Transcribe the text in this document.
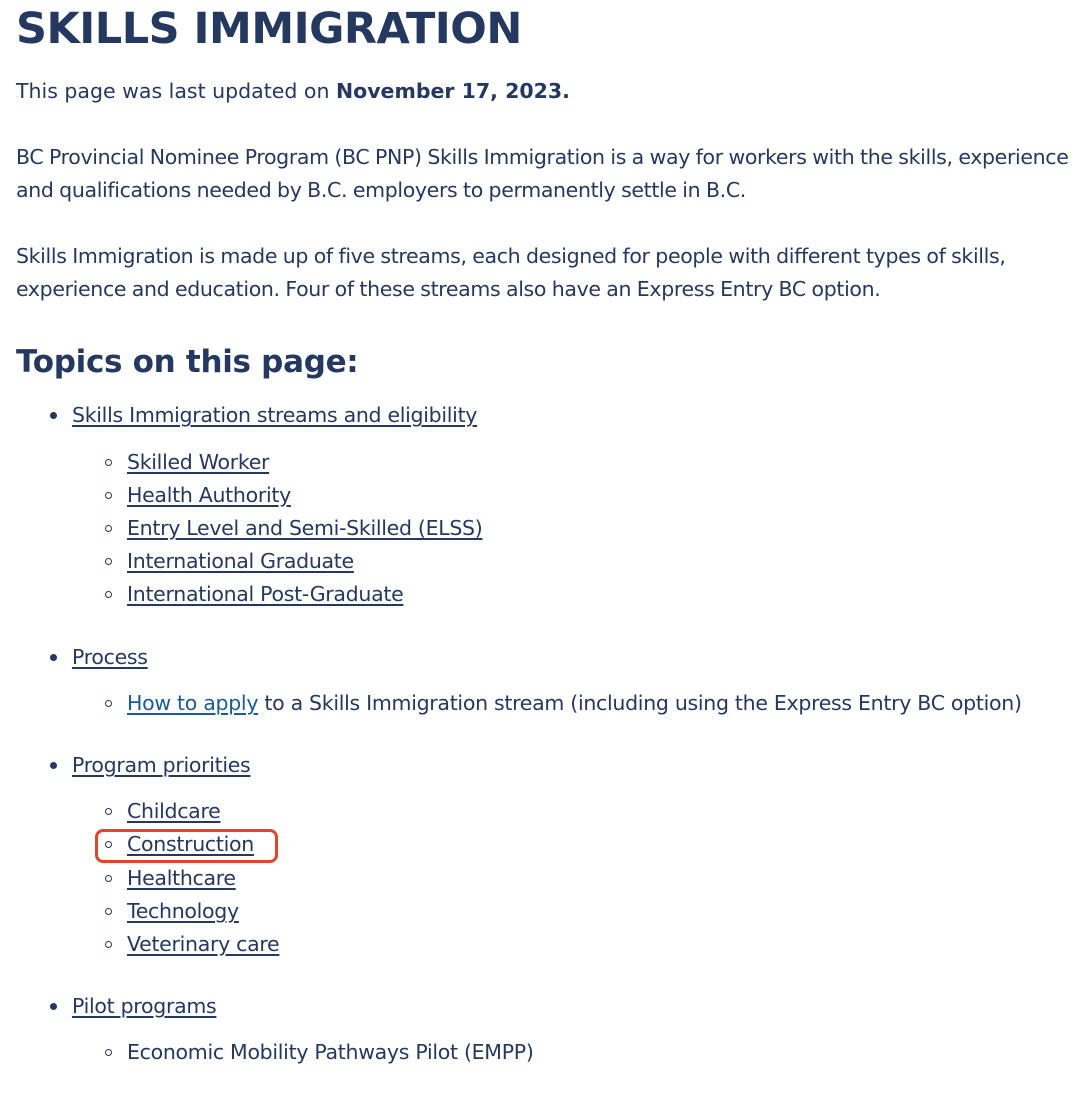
SKILLS IMMIGRATION
This page was last updated on November 17, 2023.

BC Provincial Nominee Program (BC PNP) Skills Immigration is a way for workers with the skills, experience and qualifications needed by B.C. employers to permanently settle in B.C.

Skills Immigration is made up of five streams, each designed for people with different types of skills, experience and education. Four of these streams also have an Express Entry BC option.

Topics on this page:
Skills Immigration streams and eligibility
Skilled Worker
Health Authority
Entry Level and Semi-Skilled (ELSS)
International Graduate
International Post-Graduate
Process
How to apply to a Skills Immigration stream (including using the Express Entry BC option)
Program priorities
Childcare
Construction
Healthcare
Technology
Veterinary care
Pilot programs
Economic Mobility Pathways Pilot (EMPP)
